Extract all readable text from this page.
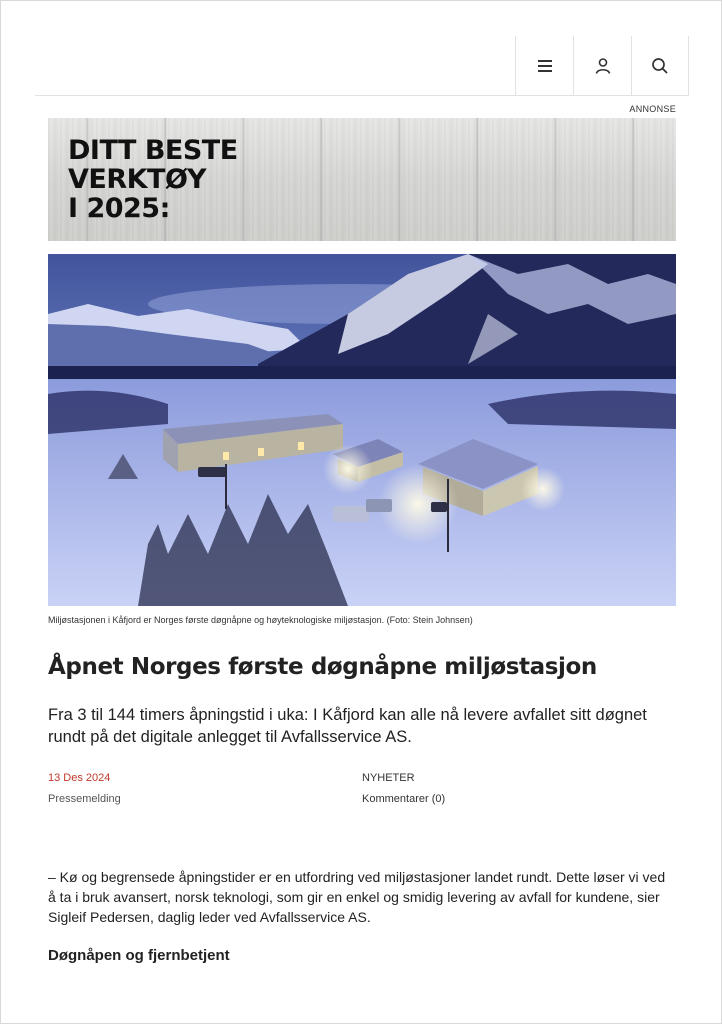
ANNONSE
DITT BESTE
VERKTØY
I 2025:
Miljøstasjonen i Kåfjord er Norges første døgnåpne og høyteknologiske miljøstasjon. (Foto: Stein Johnsen)
Åpnet Norges første døgnåpne miljøstasjon

Fra 3 til 144 timers åpningstid i uka: I Kåfjord kan alle nå levere avfallet sitt døgnet rundt på det digitale anlegget til Avfallsservice AS.

13 Des 2024
Pressemelding
NYHETER
Kommentarer (0)

– Kø og begrensede åpningstider er en utfordring ved miljøstasjoner landet rundt. Dette løser vi ved å ta i bruk avansert, norsk teknologi, som gir en enkel og smidig levering av avfall for kundene, sier Sigleif Pedersen, daglig leder ved Avfallsservice AS.

Døgnåpen og fjernbetjent
